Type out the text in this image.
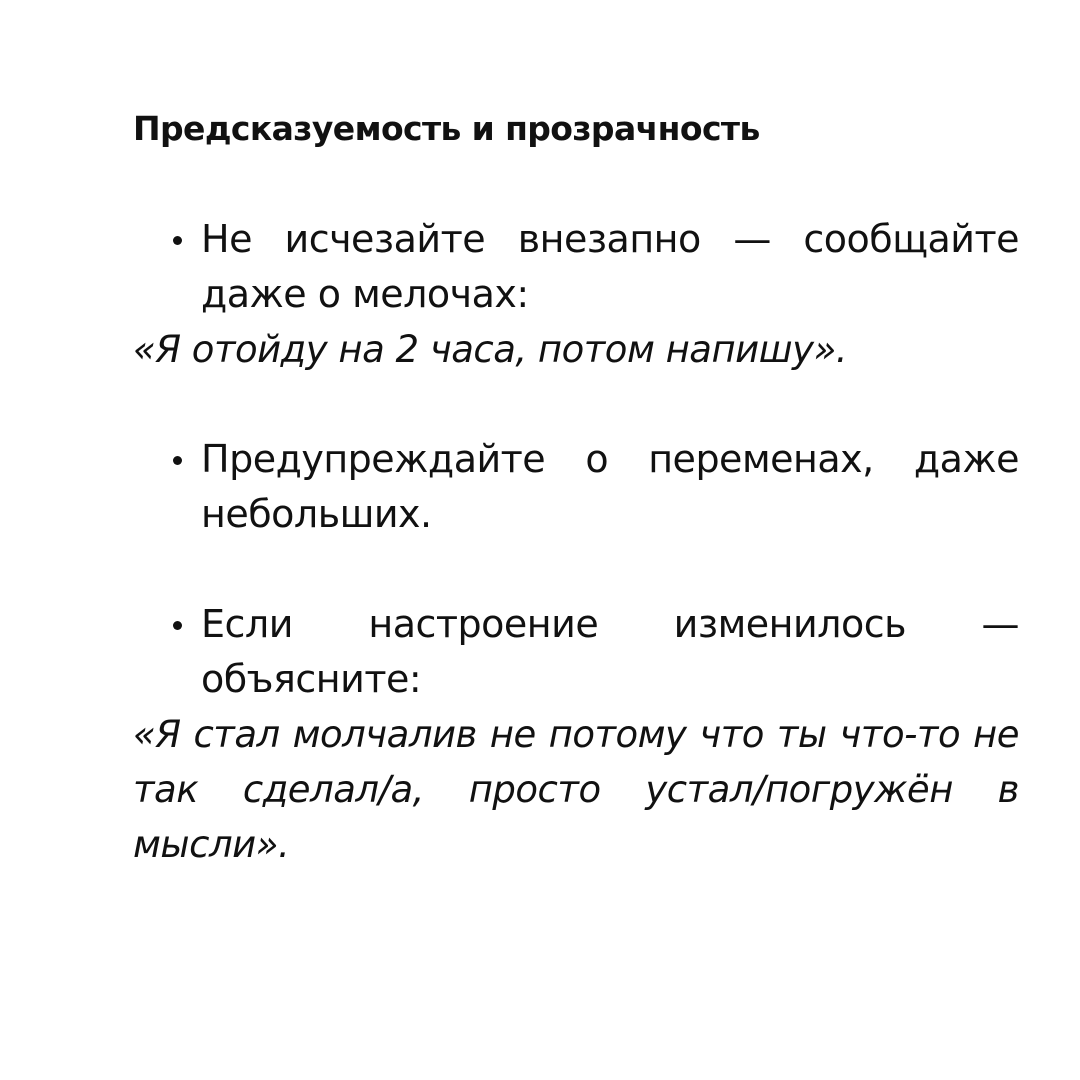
Предсказуемость и прозрачность
Не исчезайте внезапно — сообщайте даже о мелочах:
«Я отойду на 2 часа, потом напишу».
Предупреждайте о переменах, даже небольших.
Если настроение изменилось — объясните:
«Я стал молчалив не потому что ты что-то не так сделал/а, просто устал/погружён в мысли».
